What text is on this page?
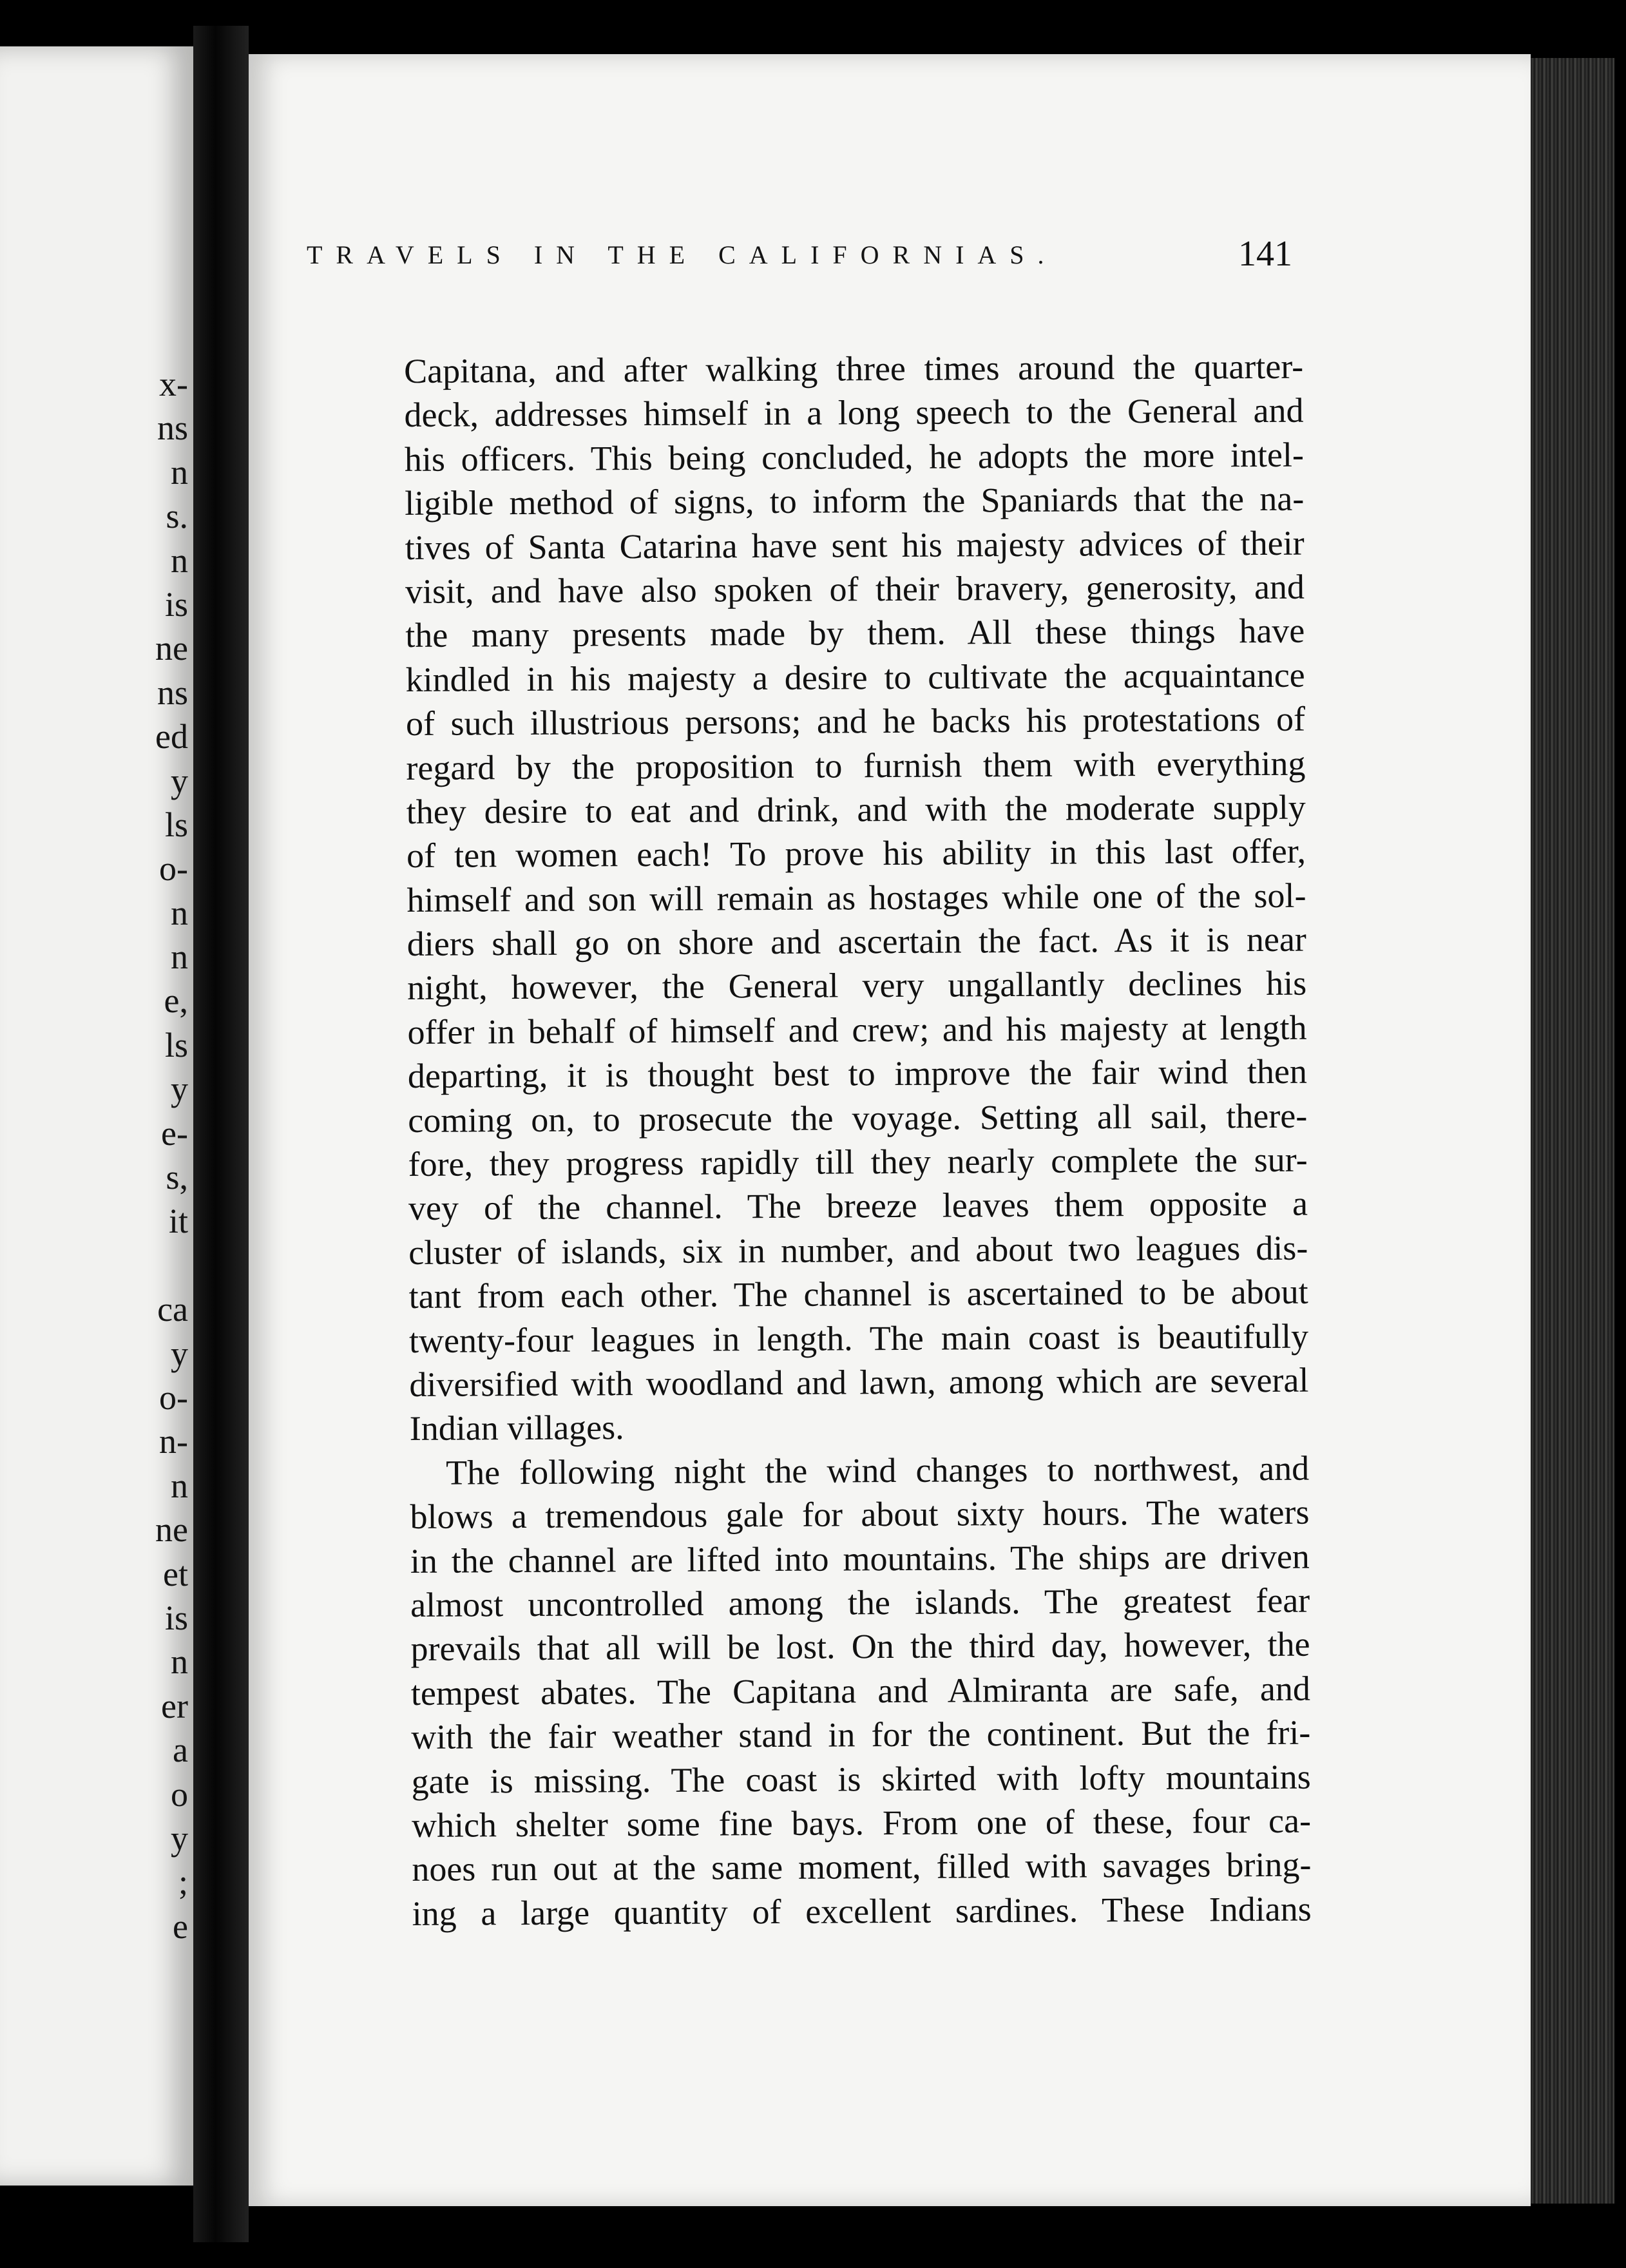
x-
ns
n
s.
n
is
ne
ns
ed
y
ls
o-
n
n
e,
ls
y
e-
s,
it
ca
y
o-
n-
n
ne
et
is
n
er
a
o
y
;
e
Capitana, and after walking three times around the quarter-
deck, addresses himself in a long speech to the General and
his officers. This being concluded, he adopts the more intel-
ligible method of signs, to inform the Spaniards that the na-
tives of Santa Catarina have sent his majesty advices of their
visit, and have also spoken of their bravery, generosity, and
the many presents made by them. All these things have
kindled in his majesty a desire to cultivate the acquaintance
of such illustrious persons; and he backs his protestations of
regard by the proposition to furnish them with everything
they desire to eat and drink, and with the moderate supply
of ten women each! To prove his ability in this last offer,
himself and son will remain as hostages while one of the sol-
diers shall go on shore and ascertain the fact. As it is near
night, however, the General very ungallantly declines his
offer in behalf of himself and crew; and his majesty at length
departing, it is thought best to improve the fair wind then
coming on, to prosecute the voyage. Setting all sail, there-
fore, they progress rapidly till they nearly complete the sur-
vey of the channel. The breeze leaves them opposite a
cluster of islands, six in number, and about two leagues dis-
tant from each other. The channel is ascertained to be about
twenty-four leagues in length. The main coast is beautifully
diversified with woodland and lawn, among which are several
Indian villages.
The following night the wind changes to northwest, and
blows a tremendous gale for about sixty hours. The waters
in the channel are lifted into mountains. The ships are driven
almost uncontrolled among the islands. The greatest fear
prevails that all will be lost. On the third day, however, the
tempest abates. The Capitana and Almiranta are safe, and
with the fair weather stand in for the continent. But the fri-
gate is missing. The coast is skirted with lofty mountains
which shelter some fine bays. From one of these, four ca-
noes run out at the same moment, filled with savages bring-
ing a large quantity of excellent sardines. These Indians
TRAVELS IN THE CALIFORNIAS.	141
